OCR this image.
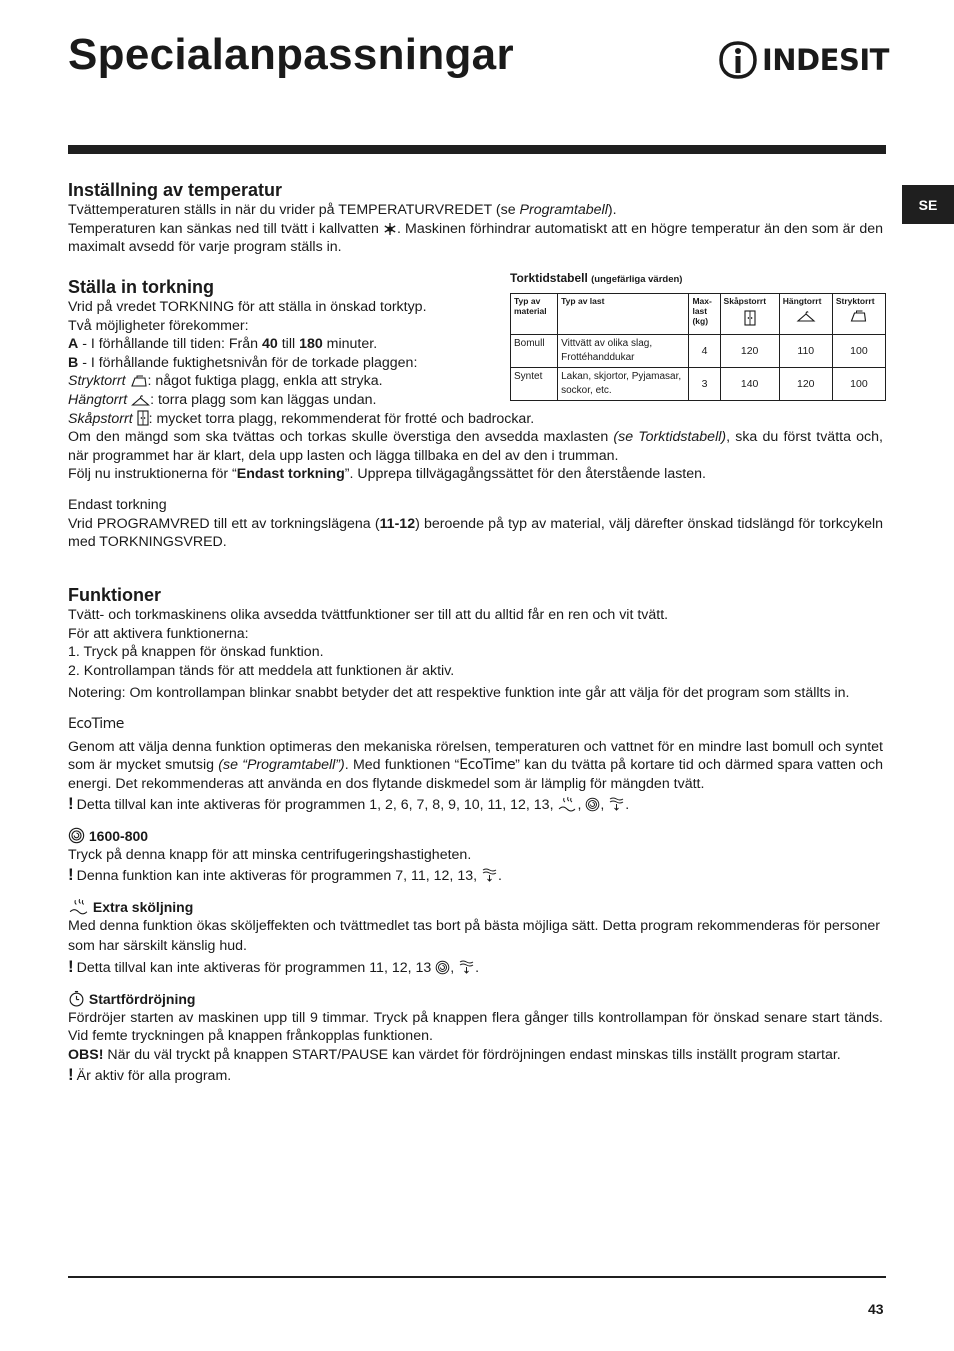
Specialanpassningar	INDESIT
SE
Inställning av temperatur

Tvättemperaturen ställs in när du vrider på TEMPERATURVREDET (se Programtabell).

Temperaturen kan sänkas ned till tvätt i kallvatten . Maskinen förhindrar automatiskt att en högre temperatur än den som är den maximalt avsedd för varje program ställs in.

Ställa in torkning

Vrid på vredet TORKNING för att ställa in önskad torktyp.

Två möjligheter förekommer:

A - I förhållande till tiden: Från 40 till 180 minuter.

B - I förhållande fuktighetsnivån för de torkade plaggen:

Stryktorrt : något fuktiga plagg, enkla att stryka.

Hängtorrt : torra plagg som kan läggas undan.

Skåpstorrt : mycket torra plagg, rekommenderat för frotté och badrockar.

Om den mängd som ska tvättas och torkas skulle överstiga den avsedda maxlasten (se Torktidstabell), ska du först tvätta och, när programmet har är klart, dela upp lasten och lägga tillbaka en del av den i trumman.

Följ nu instruktionerna för “Endast torkning”. Upprepa tillvägagångssättet för den återstående lasten.

Endast torkning

Vrid PROGRAMVRED till ett av torkningslägena (11-12) beroende på typ av material, välj därefter önskad tidslängd för torkcykeln med TORKNINGSVRED.

Torktidstabell (ungefärliga värden)

Typ av material	Typ av last	Max-last (kg)	Skåpstorrt	Hängtorrt	Stryktorrt

Bomull	Vittvätt av olika slag, Frottéhanddukar	4	120	110	100
Syntet	Lakan, skjortor, Pyjamasar, sockor, etc.	3	140	120	100
Funktioner

Tvätt- och torkmaskinens olika avsedda tvättfunktioner ser till att du alltid får en ren och vit tvätt.

För att aktivera funktionerna:

1. Tryck på knappen för önskad funktion.

2. Kontrollampan tänds för att meddela att funktionen är aktiv.

Notering: Om kontrollampan blinkar snabbt betyder det att respektive funktion inte går att välja för det program som ställts in.

EcoTime

Genom att välja denna funktion optimeras den mekaniska rörelsen, temperaturen och vattnet för en mindre last bomull och syntet som är mycket smutsig (se “Programtabell”). Med funktionen “EcoTime” kan du tvätta på kortare tid och därmed spara vatten och energi. Det rekommenderas att använda en dos flytande diskmedel som är lämplig för mängden tvätt.

! Detta tillval kan inte aktiveras för programmen 1, 2, 6, 7, 8, 9, 10, 11, 12, 13, , , .

1600-800

Tryck på denna knapp för att minska centrifugeringshastigheten.

! Denna funktion kan inte aktiveras för programmen 7, 11, 12, 13, .

Extra sköljning

Med denna funktion ökas sköljeffekten och tvättmedlet tas bort på bästa möjliga sätt. Detta program rekommenderas för personer som har särskilt känslig hud.

! Detta tillval kan inte aktiveras för programmen 11, 12, 13 , .

Startfördröjning

Fördröjer starten av maskinen upp till 9 timmar. Tryck på knappen flera gånger tills kontrollampan för önskad senare start tänds. Vid femte tryckningen på knappen frånkopplas funktionen.

OBS! När du väl tryckt på knappen START/PAUSE kan värdet för fördröjningen endast minskas tills inställt program startar.

! Är aktiv för alla program.

43
